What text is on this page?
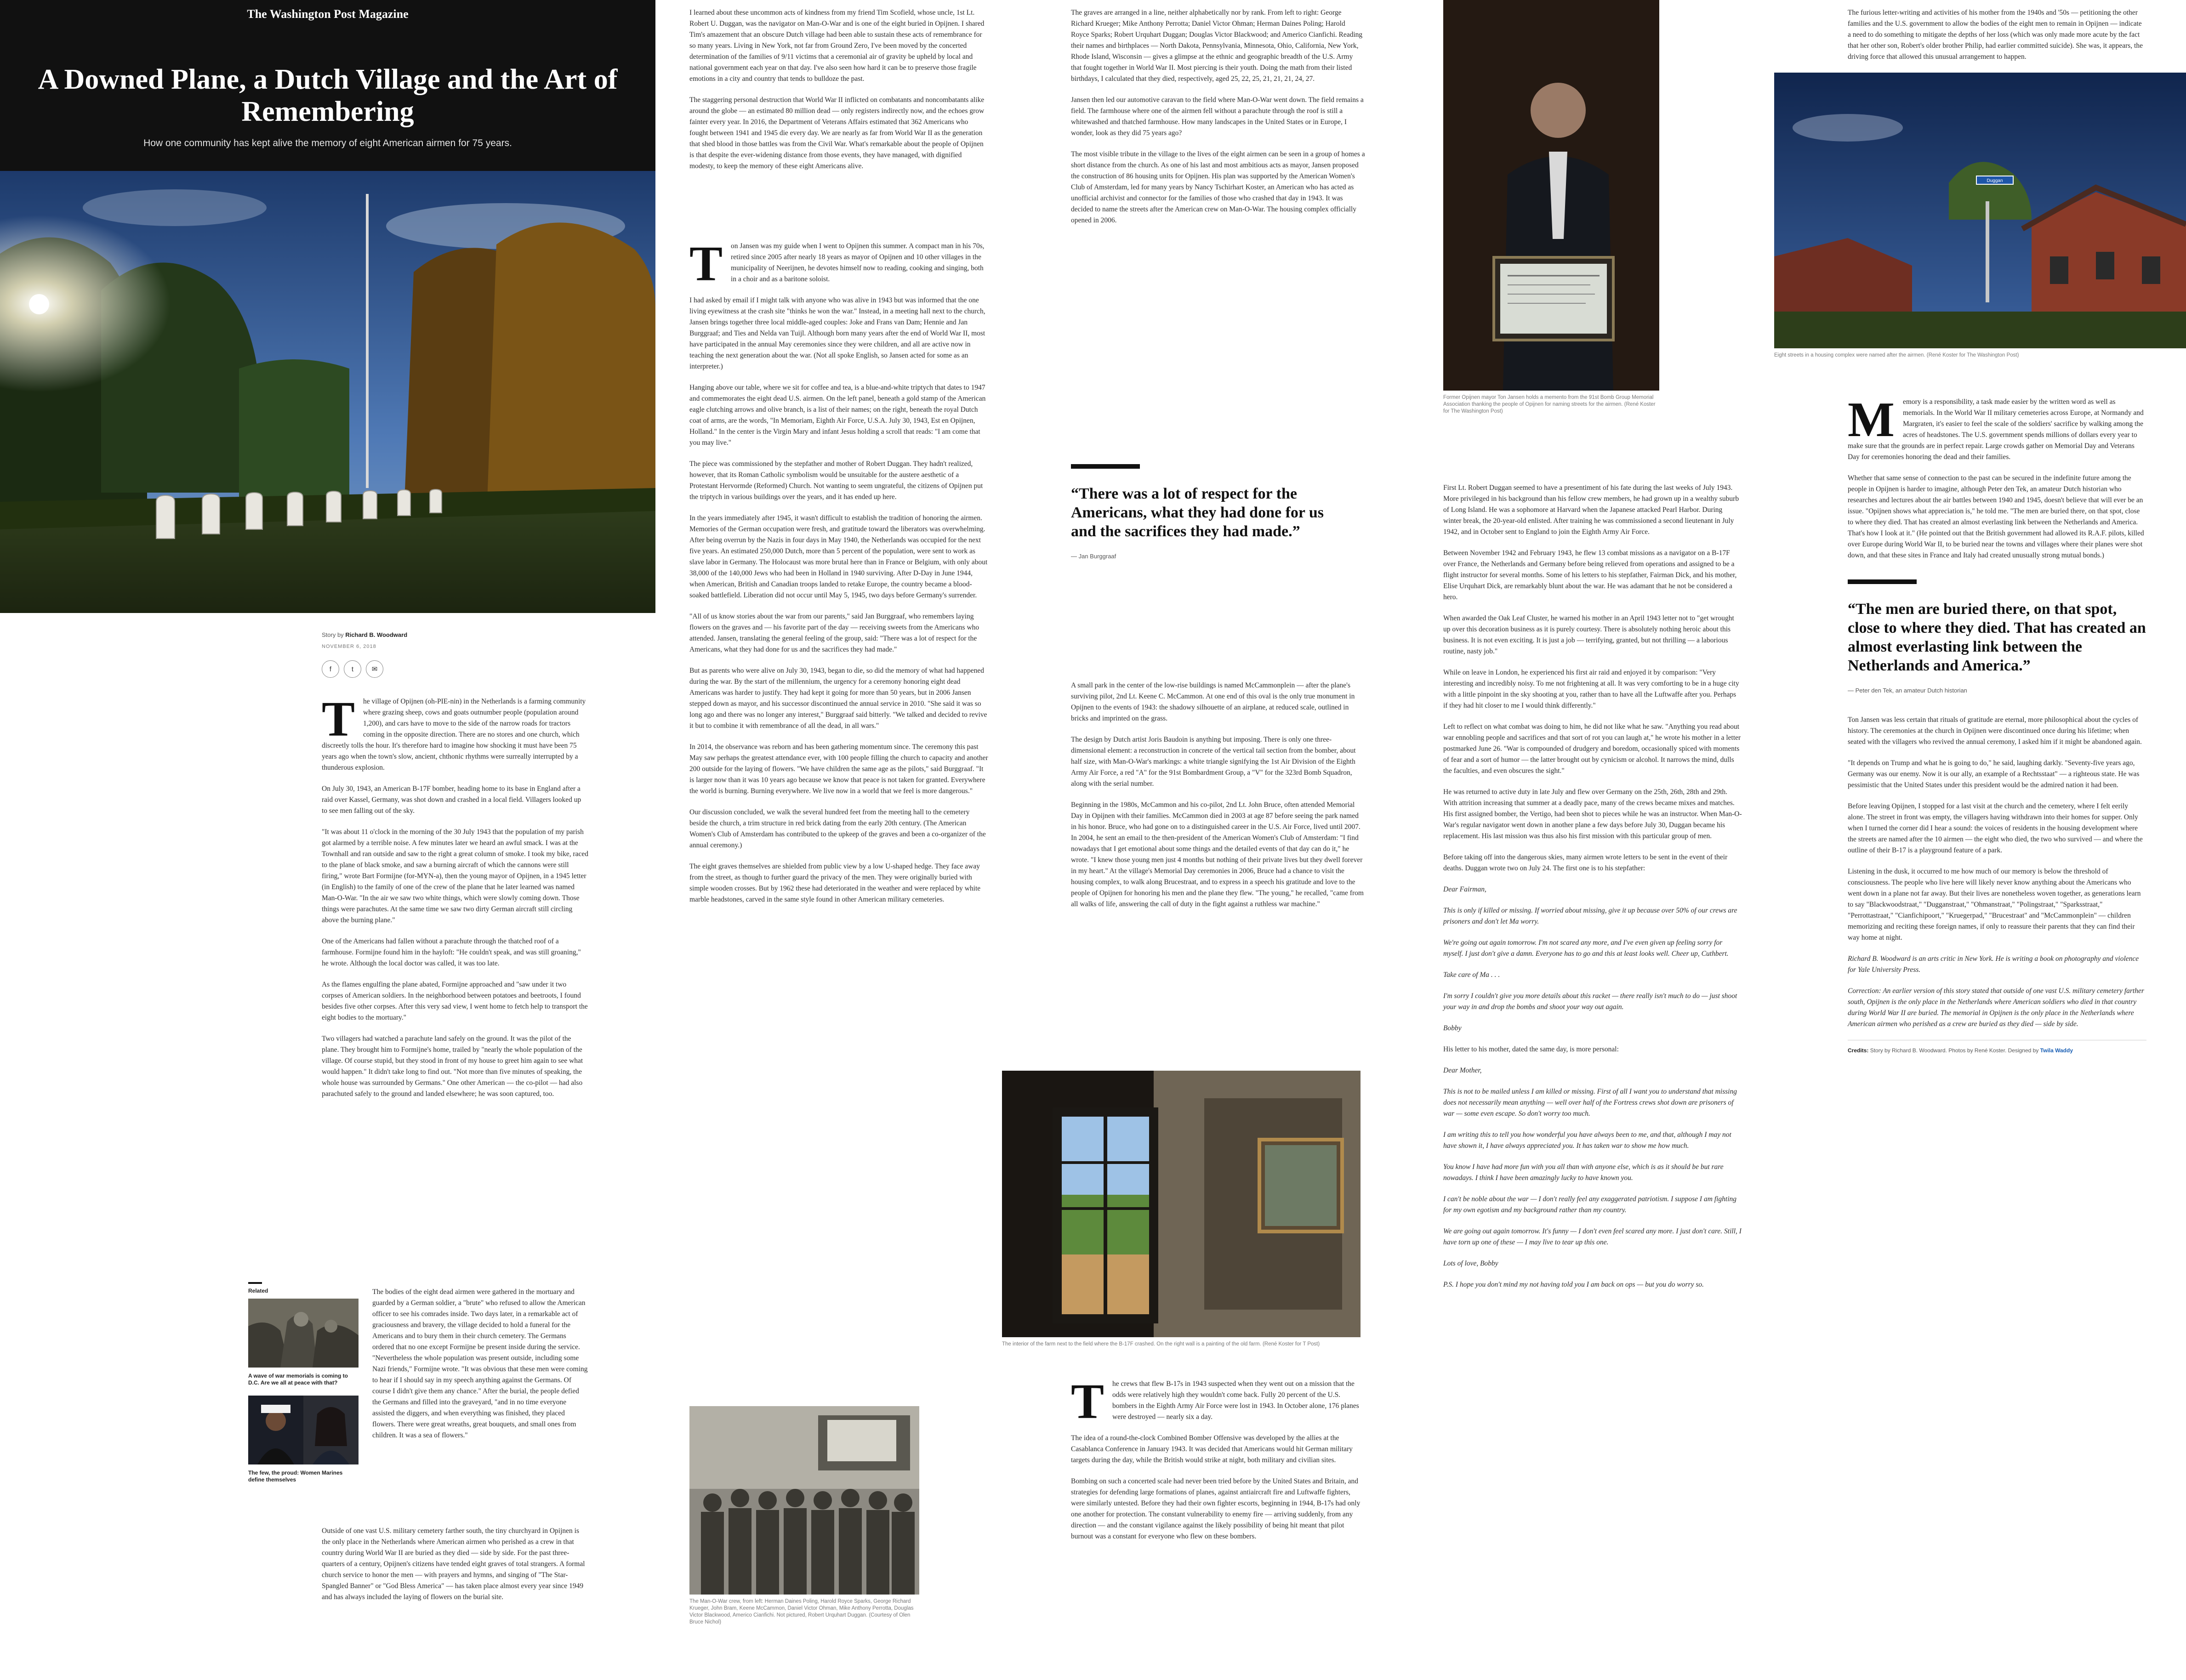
The Washington Post Magazine
A Downed Plane, a Dutch Village and the Art of Remembering

How one community has kept alive the memory of eight American airmen for 75 years.

Story by Richard B. Woodward
NOVEMBER 6, 2018
f	t	✉

T he village of Opijnen (oh-PIE-nin) in the Netherlands is a farming community where grazing sheep, cows and goats outnumber people (population around 1,200), and cars have to move to the side of the narrow roads for tractors coming in the opposite direction. There are no stores and one church, which discreetly tolls the hour. It's therefore hard to imagine how shocking it must have been 75 years ago when the town's slow, ancient, chthonic rhythms were surreally interrupted by a thunderous explosion.

On July 30, 1943, an American B-17F bomber, heading home to its base in England after a raid over Kassel, Germany, was shot down and crashed in a local field. Villagers looked up to see men falling out of the sky.

"It was about 11 o'clock in the morning of the 30 July 1943 that the population of my parish got alarmed by a terrible noise. A few minutes later we heard an awful smack. I was at the Townhall and ran outside and saw to the right a great column of smoke. I took my bike, raced to the plane of black smoke, and saw a burning aircraft of which the cannons were still firing," wrote Bart Formijne (for-MYN-a), then the young mayor of Opijnen, in a 1945 letter (in English) to the family of one of the crew of the plane that he later learned was named Man-O-War. "In the air we saw two white things, which were slowly coming down. Those things were parachutes. At the same time we saw two dirty German aircraft still circling above the burning plane."

One of the Americans had fallen without a parachute through the thatched roof of a farmhouse. Formijne found him in the hayloft: "He couldn't speak, and was still groaning," he wrote. Although the local doctor was called, it was too late.

As the flames engulfing the plane abated, Formijne approached and "saw under it two corpses of American soldiers. In the neighborhood between potatoes and beetroots, I found besides five other corpses. After this very sad view, I went home to fetch help to transport the eight bodies to the mortuary."

Two villagers had watched a parachute land safely on the ground. It was the pilot of the plane. They brought him to Formijne's home, trailed by "nearly the whole population of the village. Of course stupid, but they stood in front of my house to greet him again to see what would happen." It didn't take long to find out. "Not more than five minutes of speaking, the whole house was surrounded by Germans." One other American — the co-pilot — had also parachuted safely to the ground and landed elsewhere; he was soon captured, too.

Related
A wave of war memorials is coming to D.C. Are we all at peace with that?
The few, the proud: Women Marines define themselves

The bodies of the eight dead airmen were gathered in the mortuary and guarded by a German soldier, a "brute" who refused to allow the American officer to see his comrades inside. Two days later, in a remarkable act of graciousness and bravery, the village decided to hold a funeral for the Americans and to bury them in their church cemetery. The Germans ordered that no one except Formijne be present inside during the service. "Nevertheless the whole population was present outside, including some Nazi friends," Formijne wrote. "It was obvious that these men were coming to hear if I should say in my speech anything against the Germans. Of course I didn't give them any chance." After the burial, the people defied the Germans and filled into the graveyard, "and in no time everyone assisted the diggers, and when everything was finished, they placed flowers. There were great wreaths, great bouquets, and small ones from children. It was a sea of flowers."

Outside of one vast U.S. military cemetery farther south, the tiny churchyard in Opijnen is the only place in the Netherlands where American airmen who perished as a crew in that country during World War II are buried as they died — side by side. For the past three-quarters of a century, Opijnen's citizens have tended eight graves of total strangers. A formal church service to honor the men — with prayers and hymns, and singing of "The Star-Spangled Banner" or "God Bless America" — has taken place almost every year since 1949 and has always included the laying of flowers on the burial site.

I learned about these uncommon acts of kindness from my friend Tim Scofield, whose uncle, 1st Lt. Robert U. Duggan, was the navigator on Man-O-War and is one of the eight buried in Opijnen. I shared Tim's amazement that an obscure Dutch village had been able to sustain these acts of remembrance for so many years. Living in New York, not far from Ground Zero, I've been moved by the concerted determination of the families of 9/11 victims that a ceremonial air of gravity be upheld by local and national government each year on that day. I've also seen how hard it can be to preserve those fragile emotions in a city and country that tends to bulldoze the past.

The staggering personal destruction that World War II inflicted on combatants and noncombatants alike around the globe — an estimated 80 million dead — only registers indirectly now, and the echoes grow fainter every year. In 2016, the Department of Veterans Affairs estimated that 362 Americans who fought between 1941 and 1945 die every day. We are nearly as far from World War II as the generation that shed blood in those battles was from the Civil War. What's remarkable about the people of Opijnen is that despite the ever-widening distance from those events, they have managed, with dignified modesty, to keep the memory of these eight Americans alive.

T on Jansen was my guide when I went to Opijnen this summer. A compact man in his 70s, retired since 2005 after nearly 18 years as mayor of Opijnen and 10 other villages in the municipality of Neerijnen, he devotes himself now to reading, cooking and singing, both in a choir and as a baritone soloist.

I had asked by email if I might talk with anyone who was alive in 1943 but was informed that the one living eyewitness at the crash site "thinks he won the war." Instead, in a meeting hall next to the church, Jansen brings together three local middle-aged couples: Joke and Frans van Dam; Hennie and Jan Burggraaf; and Ties and Nelda van Tuijl. Although born many years after the end of World War II, most have participated in the annual May ceremonies since they were children, and all are active now in teaching the next generation about the war. (Not all spoke English, so Jansen acted for some as an interpreter.)

Hanging above our table, where we sit for coffee and tea, is a blue-and-white triptych that dates to 1947 and commemorates the eight dead U.S. airmen. On the left panel, beneath a gold stamp of the American eagle clutching arrows and olive branch, is a list of their names; on the right, beneath the royal Dutch coat of arms, are the words, "In Memoriam, Eighth Air Force, U.S.A. July 30, 1943, Est en Opijnen, Holland." In the center is the Virgin Mary and infant Jesus holding a scroll that reads: "I am come that you may live."

The piece was commissioned by the stepfather and mother of Robert Duggan. They hadn't realized, however, that its Roman Catholic symbolism would be unsuitable for the austere aesthetic of a Protestant Hervormde (Reformed) Church. Not wanting to seem ungrateful, the citizens of Opijnen put the triptych in various buildings over the years, and it has ended up here.

In the years immediately after 1945, it wasn't difficult to establish the tradition of honoring the airmen. Memories of the German occupation were fresh, and gratitude toward the liberators was overwhelming. After being overrun by the Nazis in four days in May 1940, the Netherlands was occupied for the next five years. An estimated 250,000 Dutch, more than 5 percent of the population, were sent to work as slave labor in Germany. The Holocaust was more brutal here than in France or Belgium, with only about 38,000 of the 140,000 Jews who had been in Holland in 1940 surviving. After D-Day in June 1944, when American, British and Canadian troops landed to retake Europe, the country became a blood-soaked battlefield. Liberation did not occur until May 5, 1945, two days before Germany's surrender.

"All of us know stories about the war from our parents," said Jan Burggraaf, who remembers laying flowers on the graves and — his favorite part of the day — receiving sweets from the Americans who attended. Jansen, translating the general feeling of the group, said: "There was a lot of respect for the Americans, what they had done for us and the sacrifices they had made."

But as parents who were alive on July 30, 1943, began to die, so did the memory of what had happened during the war. By the start of the millennium, the urgency for a ceremony honoring eight dead Americans was harder to justify. They had kept it going for more than 50 years, but in 2006 Jansen stepped down as mayor, and his successor discontinued the annual service in 2010. "She said it was so long ago and there was no longer any interest," Burggraaf said bitterly. "We talked and decided to revive it but to combine it with remembrance of all the dead, in all wars."

In 2014, the observance was reborn and has been gathering momentum since. The ceremony this past May saw perhaps the greatest attendance ever, with 100 people filling the church to capacity and another 200 outside for the laying of flowers. "We have children the same age as the pilots," said Burggraaf. "It is larger now than it was 10 years ago because we know that peace is not taken for granted. Everywhere the world is burning. Burning everywhere. We live now in a world that we feel is more dangerous."

Our discussion concluded, we walk the several hundred feet from the meeting hall to the cemetery beside the church, a trim structure in red brick dating from the early 20th century. (The American Women's Club of Amsterdam has contributed to the upkeep of the graves and been a co-organizer of the annual ceremony.)

The eight graves themselves are shielded from public view by a low U-shaped hedge. They face away from the street, as though to further guard the privacy of the men. They were originally buried with simple wooden crosses. But by 1962 these had deteriorated in the weather and were replaced by white marble headstones, carved in the same style found in other American military cemeteries.

The Man-O-War crew, from left: Herman Daines Poling, Harold Royce Sparks, George Richard Krueger, John Bram, Keene McCammon, Daniel Victor Ohman, Mike Anthony Perrotta, Douglas Victor Blackwood, Americo Cianfichi. Not pictured, Robert Urquhart Duggan. (Courtesy of Olen Bruce Nichol)

The graves are arranged in a line, neither alphabetically nor by rank. From left to right: George Richard Krueger; Mike Anthony Perrotta; Daniel Victor Ohman; Herman Daines Poling; Harold Royce Sparks; Robert Urquhart Duggan; Douglas Victor Blackwood; and Americo Cianfichi. Reading their names and birthplaces — North Dakota, Pennsylvania, Minnesota, Ohio, California, New York, Rhode Island, Wisconsin — gives a glimpse at the ethnic and geographic breadth of the U.S. Army that fought together in World War II. Most piercing is their youth. Doing the math from their listed birthdays, I calculated that they died, respectively, aged 25, 22, 25, 21, 21, 21, 24, 27.

Jansen then led our automotive caravan to the field where Man-O-War went down. The field remains a field. The farmhouse where one of the airmen fell without a parachute through the roof is still a whitewashed and thatched farmhouse. How many landscapes in the United States or in Europe, I wonder, look as they did 75 years ago?

The most visible tribute in the village to the lives of the eight airmen can be seen in a group of homes a short distance from the church. As one of his last and most ambitious acts as mayor, Jansen proposed the construction of 86 housing units for Opijnen. His plan was supported by the American Women's Club of Amsterdam, led for many years by Nancy Tschirhart Koster, an American who has acted as unofficial archivist and connector for the families of those who crashed that day in 1943. It was decided to name the streets after the American crew on Man-O-War. The housing complex officially opened in 2006.

“There was a lot of respect for the Americans, what they had done for us and the sacrifices they had made.”

— Jan Burggraaf

A small park in the center of the low-rise buildings is named McCammonplein — after the plane's surviving pilot, 2nd Lt. Keene C. McCammon. At one end of this oval is the only true monument in Opijnen to the events of 1943: the shadowy silhouette of an airplane, at reduced scale, outlined in bricks and imprinted on the grass.

The design by Dutch artist Joris Baudoin is anything but imposing. There is only one three-dimensional element: a reconstruction in concrete of the vertical tail section from the bomber, about half size, with Man-O-War's markings: a white triangle signifying the 1st Air Division of the Eighth Army Air Force, a red "A" for the 91st Bombardment Group, a "V" for the 323rd Bomb Squadron, along with the serial number.

Beginning in the 1980s, McCammon and his co-pilot, 2nd Lt. John Bruce, often attended Memorial Day in Opijnen with their families. McCammon died in 2003 at age 87 before seeing the park named in his honor. Bruce, who had gone on to a distinguished career in the U.S. Air Force, lived until 2007. In 2004, he sent an email to the then-president of the American Women's Club of Amsterdam: "I find nowadays that I get emotional about some things and the detailed events of that day can do it," he wrote. "I knew those young men just 4 months but nothing of their private lives but they dwell forever in my heart." At the village's Memorial Day ceremonies in 2006, Bruce had a chance to visit the housing complex, to walk along Brucestraat, and to express in a speech his gratitude and love to the people of Opijnen for honoring his men and the plane they flew. "The young," he recalled, "came from all walks of life, answering the call of duty in the fight against a ruthless war machine."

The interior of the farm next to the field where the B-17F crashed. On the right wall is a painting of the old farm. (René Koster for T Post)

T he crews that flew B-17s in 1943 suspected when they went out on a mission that the odds were relatively high they wouldn't come back. Fully 20 percent of the U.S. bombers in the Eighth Army Air Force were lost in 1943. In October alone, 176 planes were destroyed — nearly six a day.

The idea of a round-the-clock Combined Bomber Offensive was developed by the allies at the Casablanca Conference in January 1943. It was decided that Americans would hit German military targets during the day, while the British would strike at night, both military and civilian sites.

Bombing on such a concerted scale had never been tried before by the United States and Britain, and strategies for defending large formations of planes, against antiaircraft fire and Luftwaffe fighters, were similarly untested. Before they had their own fighter escorts, beginning in 1944, B-17s had only one another for protection. The constant vulnerability to enemy fire — arriving suddenly, from any direction — and the constant vigilance against the likely possibility of being hit meant that pilot burnout was a constant for everyone who flew on these bombers.

Former Opijnen mayor Ton Jansen holds a memento from the 91st Bomb Group Memorial Association thanking the people of Opijnen for naming streets for the airmen. (René Koster for The Washington Post)

First Lt. Robert Duggan seemed to have a presentiment of his fate during the last weeks of July 1943. More privileged in his background than his fellow crew members, he had grown up in a wealthy suburb of Long Island. He was a sophomore at Harvard when the Japanese attacked Pearl Harbor. During winter break, the 20-year-old enlisted. After training he was commissioned a second lieutenant in July 1942, and in October sent to England to join the Eighth Army Air Force.

Between November 1942 and February 1943, he flew 13 combat missions as a navigator on a B-17F over France, the Netherlands and Germany before being relieved from operations and assigned to be a flight instructor for several months. Some of his letters to his stepfather, Fairman Dick, and his mother, Elise Urquhart Dick, are remarkably blunt about the war. He was adamant that he not be considered a hero.

When awarded the Oak Leaf Cluster, he warned his mother in an April 1943 letter not to "get wrought up over this decoration business as it is purely courtesy. There is absolutely nothing heroic about this business. It is not even exciting. It is just a job — terrifying, granted, but not thrilling — a laborious routine, nasty job."

While on leave in London, he experienced his first air raid and enjoyed it by comparison: "Very interesting and incredibly noisy. To me not frightening at all. It was very comforting to be in a huge city with a little pinpoint in the sky shooting at you, rather than to have all the Luftwaffe after you. Perhaps if they had hit closer to me I would think differently."

Left to reflect on what combat was doing to him, he did not like what he saw. "Anything you read about war ennobling people and sacrifices and that sort of rot you can laugh at," he wrote his mother in a letter postmarked June 26. "War is compounded of drudgery and boredom, occasionally spiced with moments of fear and a sort of humor — the latter brought out by cynicism or alcohol. It narrows the mind, dulls the faculties, and even obscures the sight."

He was returned to active duty in late July and flew over Germany on the 25th, 26th, 28th and 29th. With attrition increasing that summer at a deadly pace, many of the crews became mixes and matches. His first assigned bomber, the Vertigo, had been shot to pieces while he was an instructor. When Man-O-War's regular navigator went down in another plane a few days before July 30, Duggan became his replacement. His last mission was thus also his first mission with this particular group of men.

Before taking off into the dangerous skies, many airmen wrote letters to be sent in the event of their deaths. Duggan wrote two on July 24. The first one is to his stepfather:

Dear Fairman,

This is only if killed or missing. If worried about missing, give it up because over 50% of our crews are prisoners and don't let Ma worry.

We're going out again tomorrow. I'm not scared any more, and I've even given up feeling sorry for myself. I just don't give a damn. Everyone has to go and this at least looks well. Cheer up, Cuthbert.

Take care of Ma . . .

I'm sorry I couldn't give you more details about this racket — there really isn't much to do — just shoot your way in and drop the bombs and shoot your way out again.

Bobby

His letter to his mother, dated the same day, is more personal:

Dear Mother,

This is not to be mailed unless I am killed or missing. First of all I want you to understand that missing does not necessarily mean anything — well over half of the Fortress crews shot down are prisoners of war — some even escape. So don't worry too much.

I am writing this to tell you how wonderful you have always been to me, and that, although I may not have shown it, I have always appreciated you. It has taken war to show me how much.

You know I have had more fun with you all than with anyone else, which is as it should be but rare nowadays. I think I have been amazingly lucky to have known you.

I can't be noble about the war — I don't really feel any exaggerated patriotism. I suppose I am fighting for my own egotism and my background rather than my country.

We are going out again tomorrow. It's funny — I don't even feel scared any more. I just don't care. Still, I have torn up one of these — I may live to tear up this one.

Lots of love, Bobby

P.S. I hope you don't mind my not having told you I am back on ops — but you do worry so.

The furious letter-writing and activities of his mother from the 1940s and '50s — petitioning the other families and the U.S. government to allow the bodies of the eight men to remain in Opijnen — indicate a need to do something to mitigate the depths of her loss (which was only made more acute by the fact that her other son, Robert's older brother Philip, had earlier committed suicide). She was, it appears, the driving force that allowed this unusual arrangement to happen.

Duggan

Eight streets in a housing complex were named after the airmen. (René Koster for The Washington Post)

M emory is a responsibility, a task made easier by the written word as well as memorials. In the World War II military cemeteries across Europe, at Normandy and Margraten, it's easier to feel the scale of the soldiers' sacrifice by walking among the acres of headstones. The U.S. government spends millions of dollars every year to make sure that the grounds are in perfect repair. Large crowds gather on Memorial Day and Veterans Day for ceremonies honoring the dead and their families.

Whether that same sense of connection to the past can be secured in the indefinite future among the people in Opijnen is harder to imagine, although Peter den Tek, an amateur Dutch historian who researches and lectures about the air battles between 1940 and 1945, doesn't believe that will ever be an issue. "Opijnen shows what appreciation is," he told me. "The men are buried there, on that spot, close to where they died. That has created an almost everlasting link between the Netherlands and America. That's how I look at it." (He pointed out that the British government had allowed its R.A.F. pilots, killed over Europe during World War II, to be buried near the towns and villages where their planes were shot down, and that these sites in France and Italy had created unusually strong mutual bonds.)

“The men are buried there, on that spot, close to where they died. That has created an almost everlasting link between the Netherlands and America.”

— Peter den Tek, an amateur Dutch historian

Ton Jansen was less certain that rituals of gratitude are eternal, more philosophical about the cycles of history. The ceremonies at the church in Opijnen were discontinued once during his lifetime; when seated with the villagers who revived the annual ceremony, I asked him if it might be abandoned again.

"It depends on Trump and what he is going to do," he said, laughing darkly. "Seventy-five years ago, Germany was our enemy. Now it is our ally, an example of a Rechtsstaat" — a righteous state. He was pessimistic that the United States under this president would be the admired nation it had been.

Before leaving Opijnen, I stopped for a last visit at the church and the cemetery, where I felt eerily alone. The street in front was empty, the villagers having withdrawn into their homes for supper. Only when I turned the corner did I hear a sound: the voices of residents in the housing development where the streets are named after the 10 airmen — the eight who died, the two who survived — and where the outline of their B-17 is a playground feature of a park.

Listening in the dusk, it occurred to me how much of our memory is below the threshold of consciousness. The people who live here will likely never know anything about the Americans who went down in a plane not far away. But their lives are nonetheless woven together, as generations learn to say "Blackwoodstraat," "Dugganstraat," "Ohmanstraat," "Polingstraat," "Sparksstraat," "Perrottastraat," "Cianfichipoort," "Kruegerpad," "Brucestraat" and "McCammonplein" — children memorizing and reciting these foreign names, if only to reassure their parents that they can find their way home at night.

Richard B. Woodward is an arts critic in New York. He is writing a book on photography and violence for Yale University Press.

Correction: An earlier version of this story stated that outside of one vast U.S. military cemetery farther south, Opijnen is the only place in the Netherlands where American soldiers who died in that country during World War II are buried. The memorial in Opijnen is the only place in the Netherlands where American airmen who perished as a crew are buried as they died — side by side.

Credits: Story by Richard B. Woodward. Photos by René Koster. Designed by Twila Waddy
